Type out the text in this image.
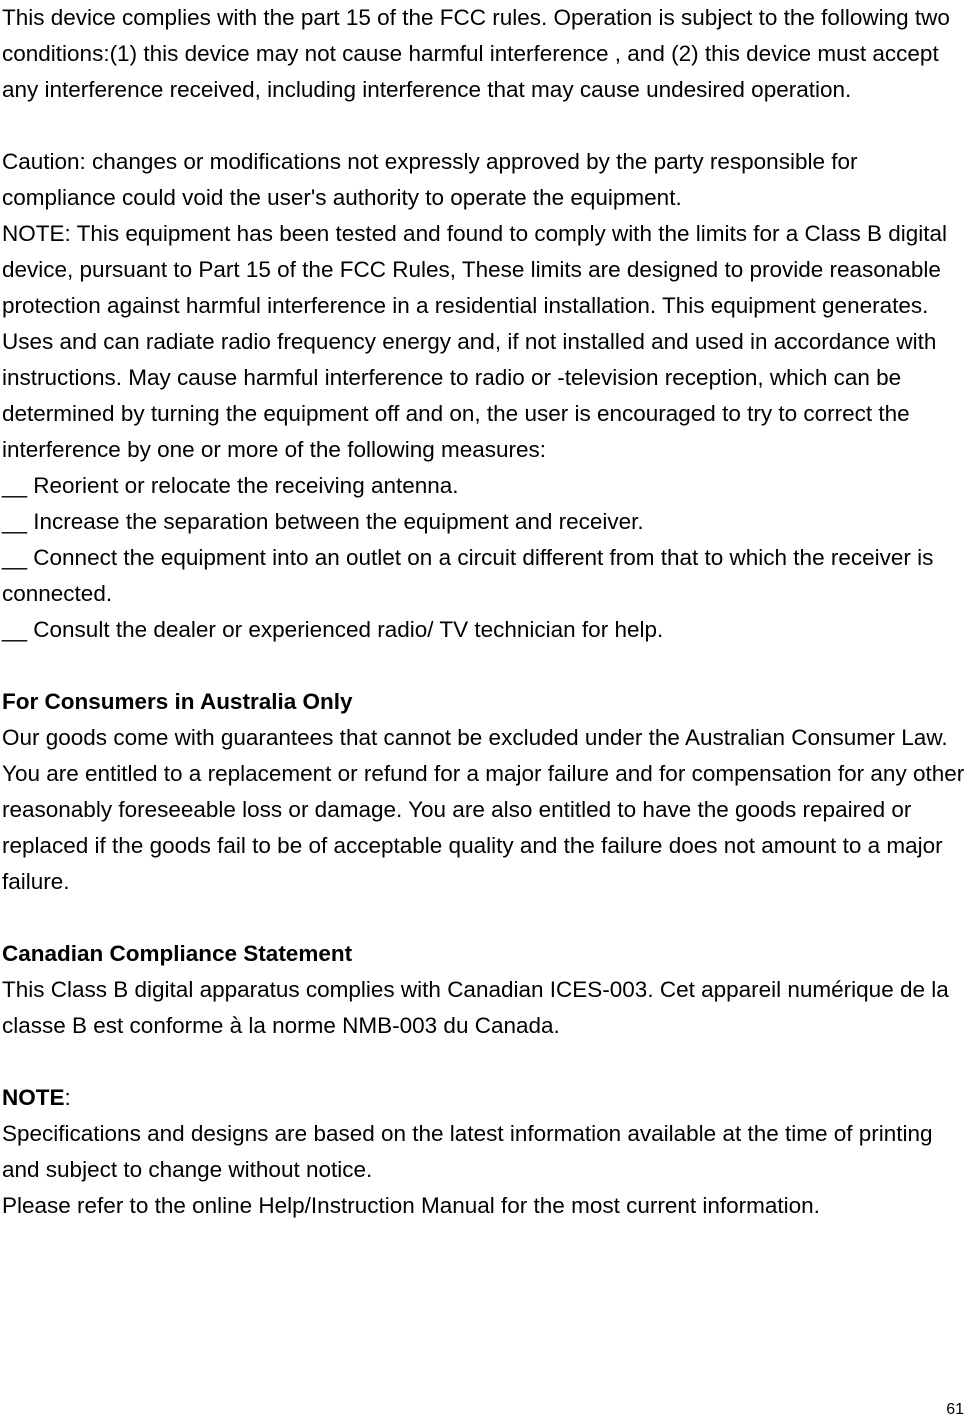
This device complies with the part 15 of the FCC rules. Operation is subject to the following two conditions:(1) this device may not cause harmful interference , and (2) this device must accept any interference received, including interference that may cause undesired operation.

Caution: changes or modifications not expressly approved by the party responsible for compliance could void the user's authority to operate the equipment.

NOTE: This equipment has been tested and found to comply with the limits for a Class B digital device, pursuant to Part 15 of the FCC Rules, These limits are designed to provide reasonable protection against harmful interference in a residential installation. This equipment generates. Uses and can radiate radio frequency energy and, if not installed and used in accordance with instructions. May cause harmful interference to radio or -television reception, which can be determined by turning the equipment off and on, the user is encouraged to try to correct the interference by one or more of the following measures:

__ Reorient or relocate the receiving antenna.

__ Increase the separation between the equipment and receiver.

__ Connect the equipment into an outlet on a circuit different from that to which the receiver is connected.

__ Consult the dealer or experienced radio/ TV technician for help.

For Consumers in Australia Only

Our goods come with guarantees that cannot be excluded under the Australian Consumer Law. You are entitled to a replacement or refund for a major failure and for compensation for any other reasonably foreseeable loss or damage. You are also entitled to have the goods repaired or replaced if the goods fail to be of acceptable quality and the failure does not amount to a major failure.

Canadian Compliance Statement

This Class B digital apparatus complies with Canadian ICES-003. Cet appareil numérique de la classe B est conforme à la norme NMB-003 du Canada.

NOTE:

Specifications and designs are based on the latest information available at the time of printing and subject to change without notice.

Please refer to the online Help/Instruction Manual for the most current information.

61
